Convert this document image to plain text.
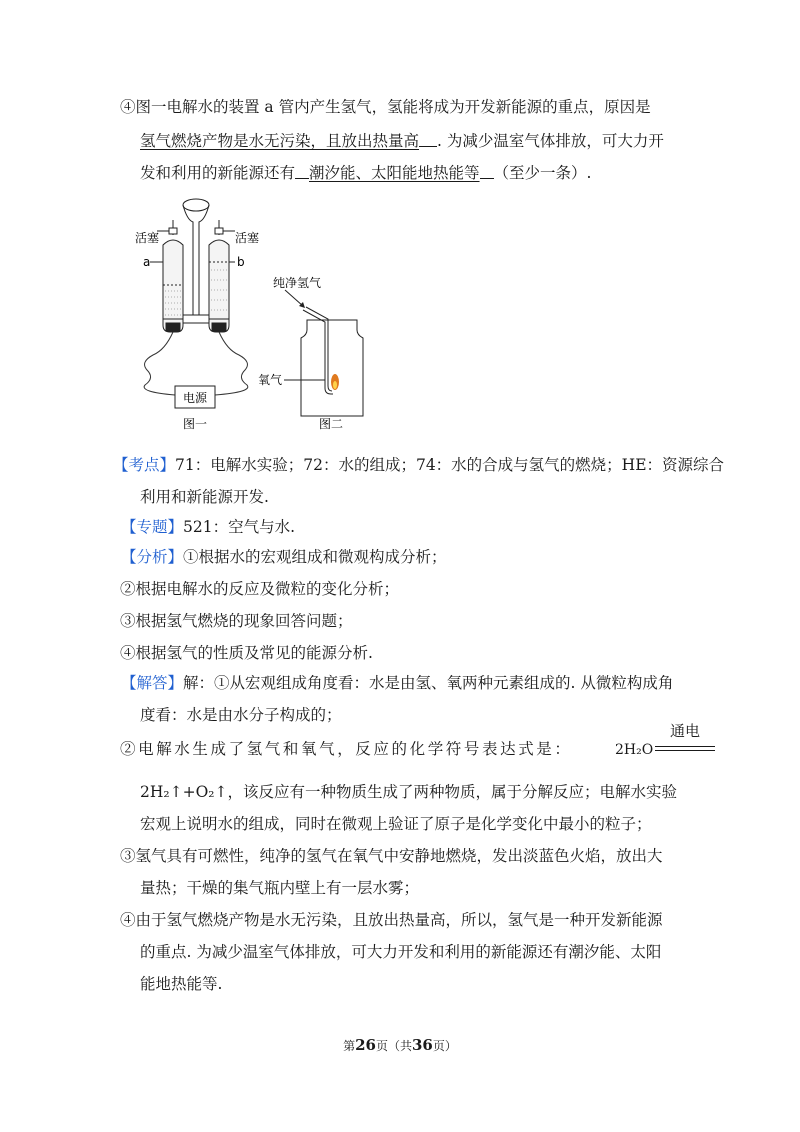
④图一电解水的装置 a 管内产生氢气，氢能将成为开发新能源的重点，原因是
氢气燃烧产物是水无污染，且放出热量高 . 为减少温室气体排放，可大力开
发和利用的新能源还有 潮汐能、太阳能地热能等 （至少一条）.
电源
图一
活塞	活塞
a	b
纯净氢气
氧气
图二
【考点】71：电解水实验；72：水的组成；74：水的合成与氢气的燃烧；HE：资源综合
利用和新能源开发.
【专题】521：空气与水.
【分析】①根据水的宏观组成和微观构成分析；
②根据电解水的反应及微粒的变化分析；
③根据氢气燃烧的现象回答问题；
④根据氢气的性质及常见的能源分析.
【解答】解：①从宏观组成角度看：水是由氢、氧两种元素组成的. 从微粒构成角
度看：水是由水分子构成的；
②电解水生成了氢气和氧气，反应的化学符号表达式是：	2H₂O
通电
2H₂↑+O₂↑，该反应有一种物质生成了两种物质，属于分解反应；电解水实验
宏观上说明水的组成，同时在微观上验证了原子是化学变化中最小的粒子；
③氢气具有可燃性，纯净的氢气在氧气中安静地燃烧，发出淡蓝色火焰，放出大
量热；干燥的集气瓶内壁上有一层水雾；
④由于氢气燃烧产物是水无污染，且放出热量高，所以，氢气是一种开发新能源
的重点. 为减少温室气体排放，可大力开发和利用的新能源还有潮汐能、太阳
能地热能等.
第26页（共36页）
